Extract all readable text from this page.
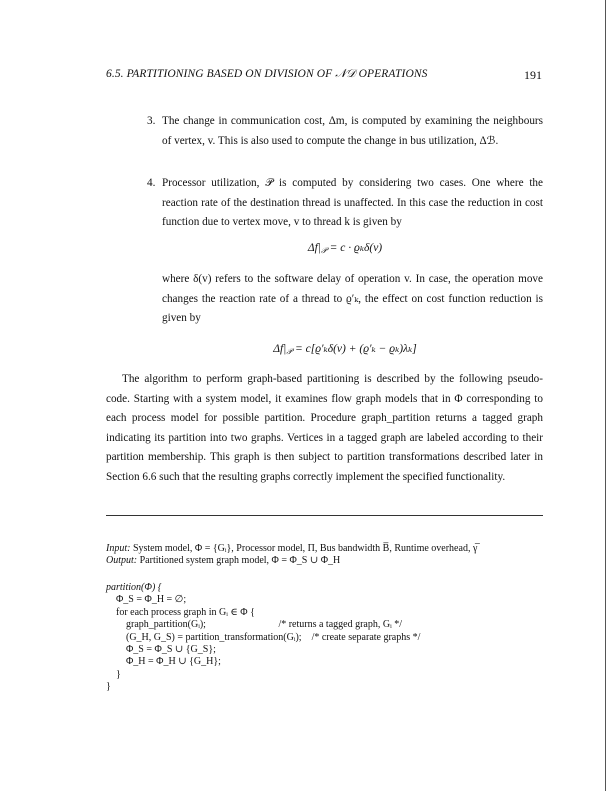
6.5. PARTITIONING BASED ON DIVISION OF 𝒩𝒟 OPERATIONS	191
3. The change in communication cost, Δm, is computed by examining the neighbours of vertex, v. This is also used to compute the change in bus utilization, Δℬ.
4. Processor utilization, 𝒫 is computed by considering two cases. One where the reaction rate of the destination thread is unaffected. In this case the reduction in cost function due to vertex move, v to thread k is given by
$\Delta f|_𝒫 = c \cdot ϱ_k\delta(v)$
where δ(v) refers to the software delay of operation v. In case, the operation move changes the reaction rate of a thread to ϱ′ₖ, the effect on cost function reduction is given by
$\Delta f|_𝒫 = c[ϱ'_k\delta(v) + (ϱ'_k - ϱ_k)\lambda_k]$
The algorithm to perform graph-based partitioning is described by the following pseudo-code. Starting with a system model, it examines flow graph models that in Φ corresponding to each process model for possible partition. Procedure graph_partition returns a tagged graph indicating its partition into two graphs. Vertices in a tagged graph are labeled according to their partition membership. This graph is then subject to partition transformations described later in Section 6.6 such that the resulting graphs correctly implement the specified functionality.
Input: System model, Φ = {Gᵢ}, Processor model, Π, Bus bandwidth B̅, Runtime overhead, γ̅
Output: Partitioned system graph model, Φ = Φ_S ∪ Φ_H
partition(Φ) {
Φ_S = Φ_H = ∅;
for each process graph in Gᵢ ∈ Φ {
graph_partition(Gᵢ);                             /* returns a tagged graph, Gᵢ */
(G_H, G_S) = partition_transformation(Gᵢ);    /* create separate graphs */
Φ_S = Φ_S ∪ {G_S};
Φ_H = Φ_H ∪ {G_H};
}
}
